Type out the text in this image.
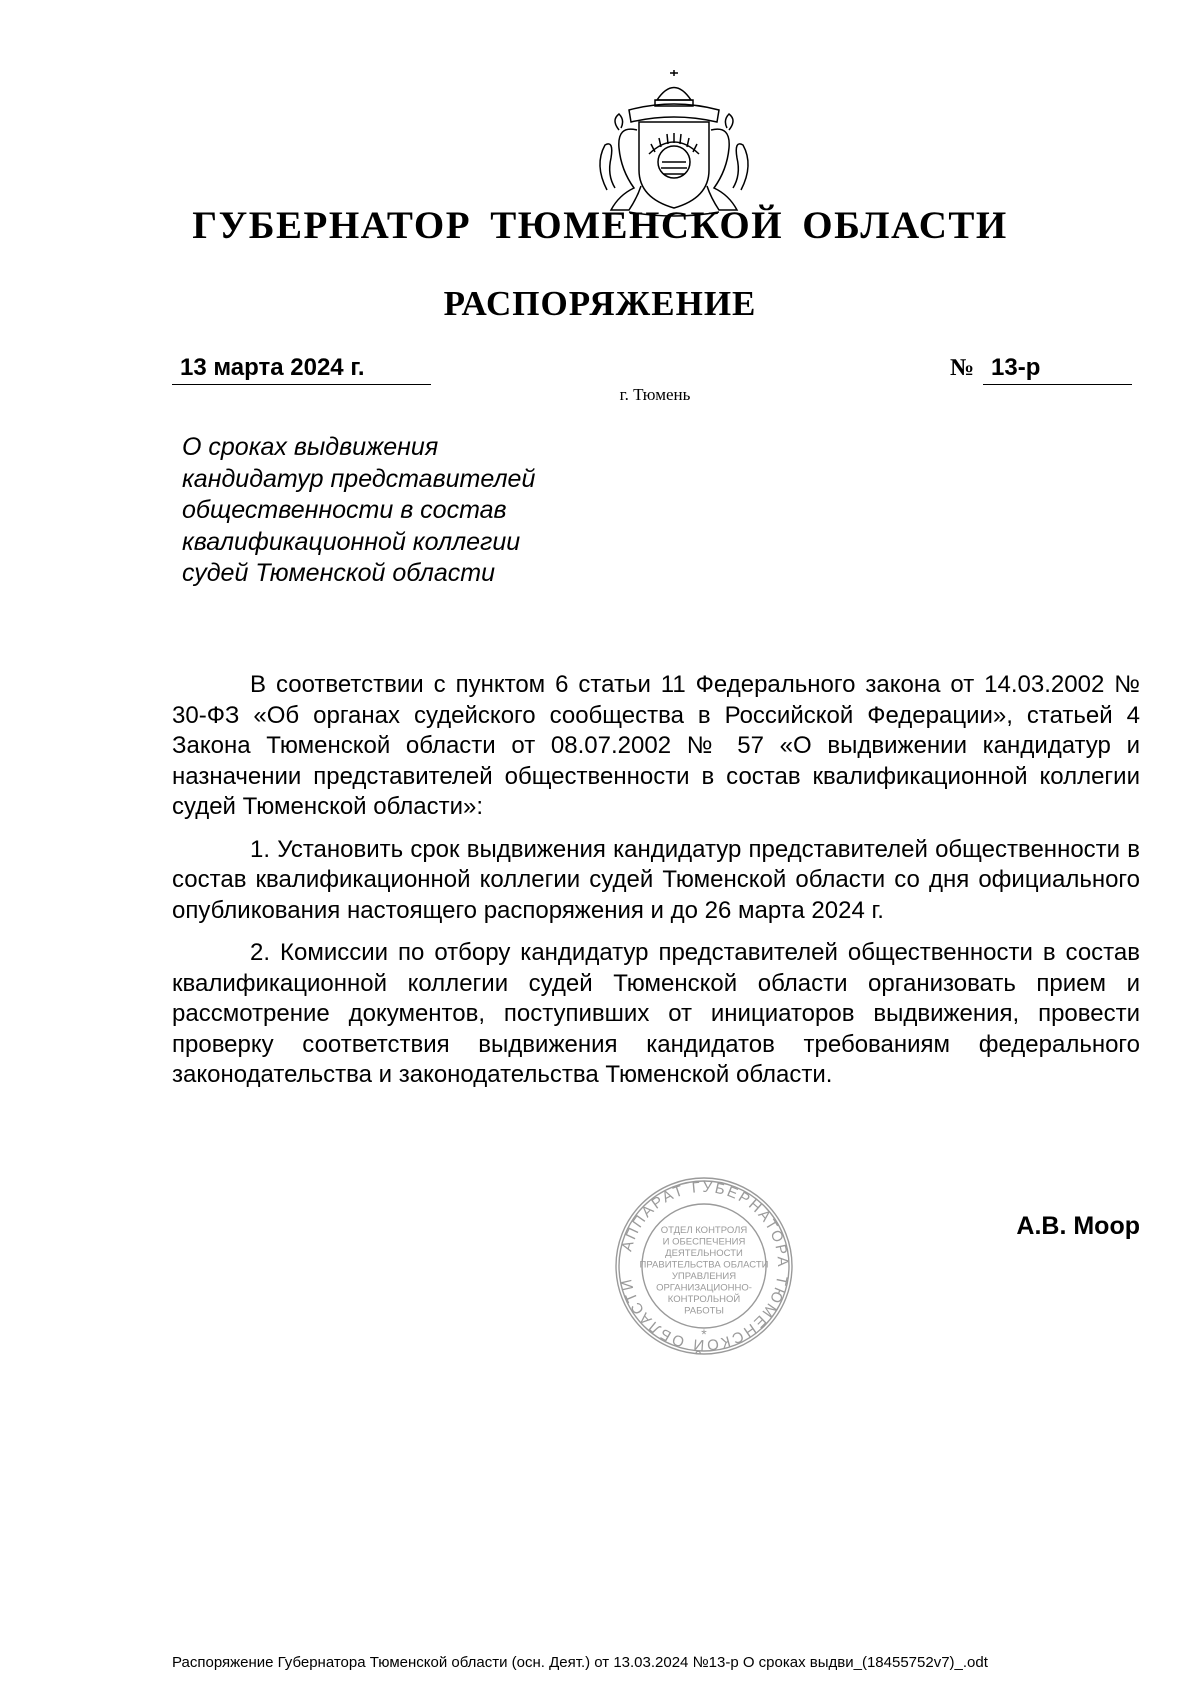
ГУБЕРНАТОР ТЮМЕНСКОЙ ОБЛАСТИ
РАСПОРЯЖЕНИЕ
13 марта 2024 г.	№ 13-р
г. Тюмень
О сроках выдвижения
кандидатур представителей
общественности в состав
квалификационной коллегии
судей Тюменской области

В соответствии с пунктом 6 статьи 11 Федерального закона от 14.03.2002 № 30-ФЗ «Об органах судейского сообщества в Российской Федерации», статьей 4 Закона Тюменской области от 08.07.2002 № 57 «О выдвижении кандидатур и назначении представителей общественности в состав квалификационной коллегии судей Тюменской области»:

1. Установить срок выдвижения кандидатур представителей общественности в состав квалификационной коллегии судей Тюменской области со дня официального опубликования настоящего распоряжения и до 26 марта 2024 г.

2. Комиссии по отбору кандидатур представителей общественности в состав квалификационной коллегии судей Тюменской области организовать прием и рассмотрение документов, поступивших от инициаторов выдвижения, провести проверку соответствия выдвижения кандидатов требованиям федерального законодательства и законодательства Тюменской области.

АППАРАТ ГУБЕРНАТОРА ТЮМЕНСКОЙ ОБЛАСТИ
*
ОТДЕЛ КОНТРОЛЯ
И ОБЕСПЕЧЕНИЯ
ДЕЯТЕЛЬНОСТИ
ПРАВИТЕЛЬСТВА ОБЛАСТИ
УПРАВЛЕНИЯ
ОРГАНИЗАЦИОННО-
КОНТРОЛЬНОЙ
РАБОТЫ
А.В. Моор
Распоряжение Губернатора Тюменской области (осн. Деят.) от 13.03.2024 №13-р О сроках выдви_(18455752v7)_.odt
